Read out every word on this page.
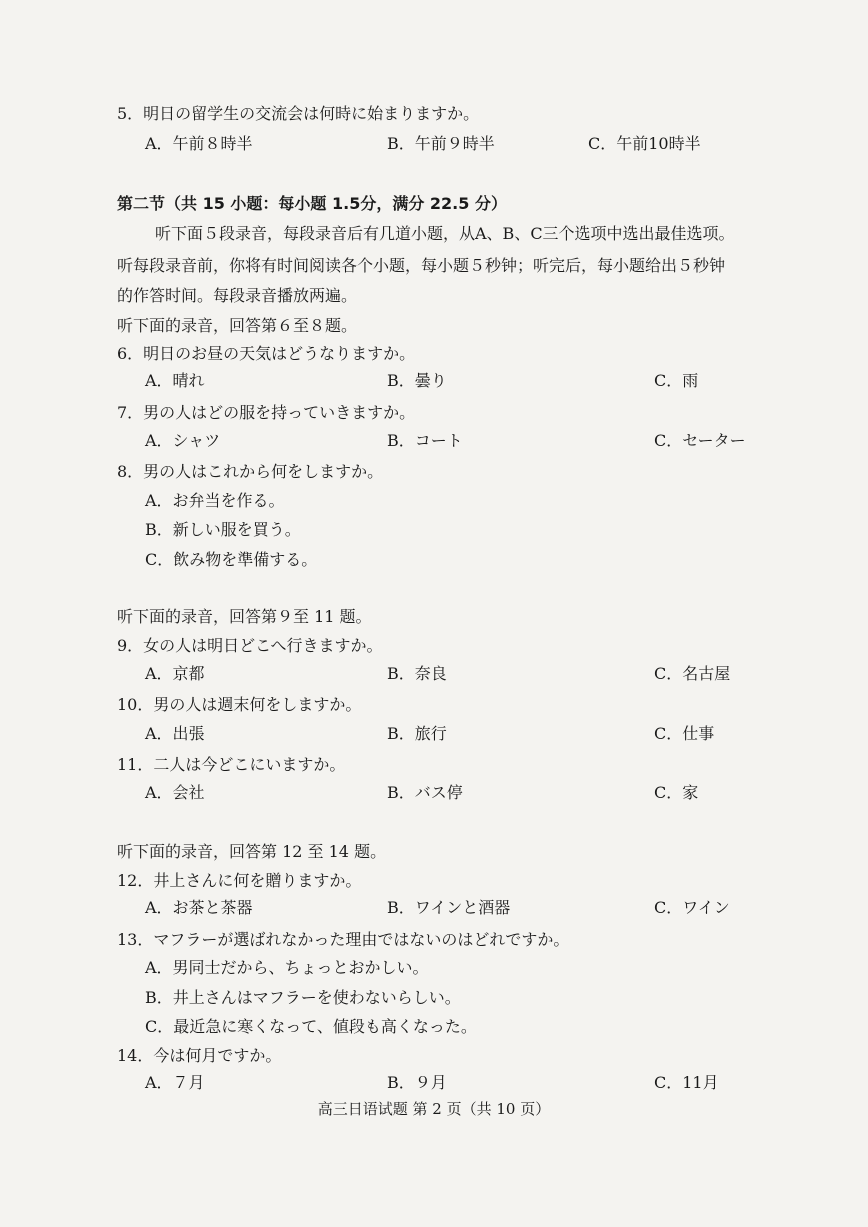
5．明日の留学生の交流会は何時に始まりますか。
A．午前８時半	B．午前９時半	C．午前10時半
第二节（共 15 小题：每小题 1.5分，满分 22.5 分）
听下面５段录音，每段录音后有几道小题，从A、B、C三个选项中选出最佳选项。
听每段录音前，你将有时间阅读各个小题，每小题５秒钟；听完后，每小题给出５秒钟
的作答时间。每段录音播放两遍。
听下面的录音，回答第６至８题。
6．明日のお昼の天気はどうなりますか。
A．晴れ	B．曇り	C．雨
7．男の人はどの服を持っていきますか。
A．シャツ	B．コート	C．セーター
8．男の人はこれから何をしますか。
A．お弁当を作る。
B．新しい服を買う。
C．飲み物を準備する。
听下面的录音，回答第９至 11 题。
9．女の人は明日どこへ行きますか。
A．京都	B．奈良	C．名古屋
10．男の人は週末何をしますか。
A．出張	B．旅行	C．仕事
11．二人は今どこにいますか。
A．会社	B．バス停	C．家
听下面的录音，回答第 12 至 14 题。
12．井上さんに何を贈りますか。
A．お茶と茶器	B．ワインと酒器	C．ワイン
13．マフラーが選ばれなかった理由ではないのはどれですか。
A．男同士だから、ちょっとおかしい。
B．井上さんはマフラーを使わないらしい。
C．最近急に寒くなって、値段も高くなった。
14．今は何月ですか。
A．７月	B．９月	C．11月
高三日语试题 第 2 页（共 10 页）
